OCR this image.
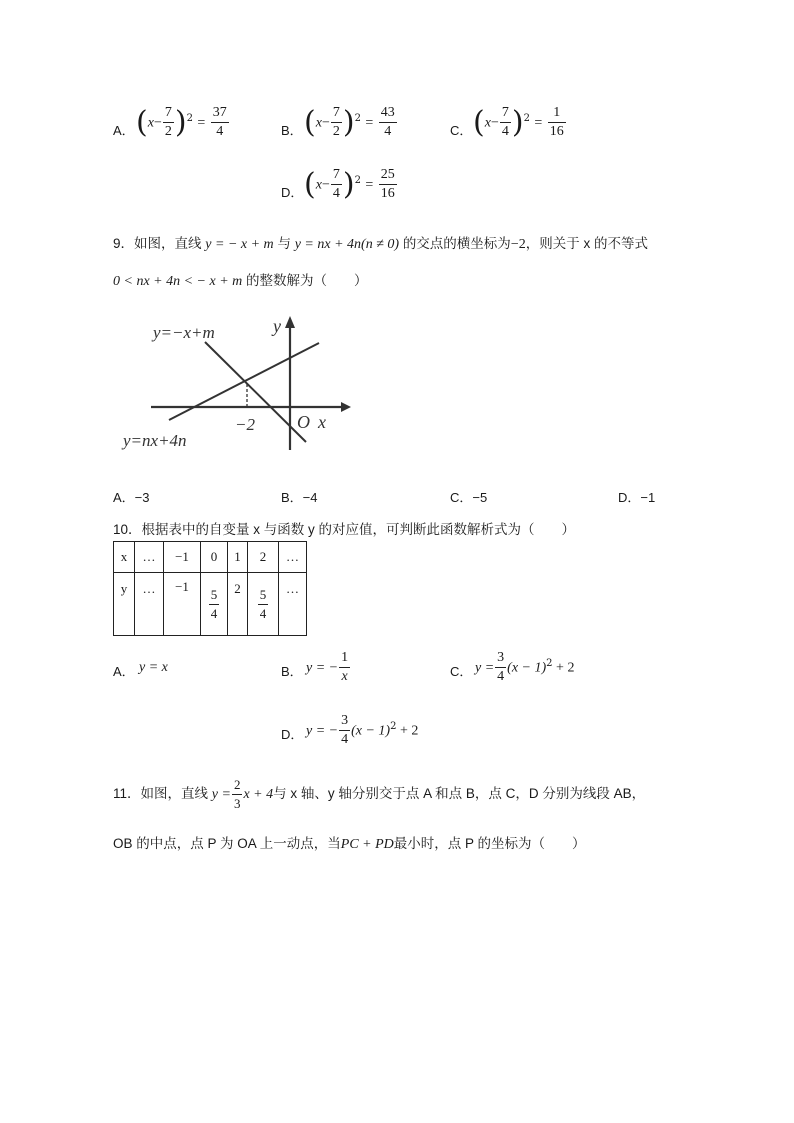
A． $(x- \frac{7}{2} )^2 = \frac{37}{4}$	B． $(x- \frac{7}{2} )^2 = \frac{43}{4}$	C． $(x- \frac{7}{4} )^2 = \frac{1}{16}$
D． $(x- \frac{7}{4} )^2 = \frac{25}{16}$
9．如图，直线 y = − x + m 与 y = nx + 4n(n ≠ 0) 的交点的横坐标为−2，则关于 x 的不等式
0 < nx + 4n < − x + m 的整数解为（　　）
y=−x+m
y=nx+4n
y
x
O
−2
A．−3	B．−4	C．−5	D．−1
10．根据表中的自变量 x 与函数 y 的对应值，可判断此函数解析式为（　　）
x	…	−1	0	1	2	…
y	…	−1	$\frac{5}{4}$	2	$\frac{5}{4}$	…
A． y = x	B． y = − $\frac{1}{x}$	C． $y = \frac{3}{4} (x - 1)^2 + 2$
D． y = − $\frac{3}{4} (x - 1)^2 + 2$
11．如图，直线 $y = \frac{2}{3}$ x + 4与 x 轴、y 轴分别交于点 A 和点 B，点 C，D 分别为线段 AB，
OB 的中点，点 P 为 OA 上一动点，当PC + PD最小时，点 P 的坐标为（　　）
